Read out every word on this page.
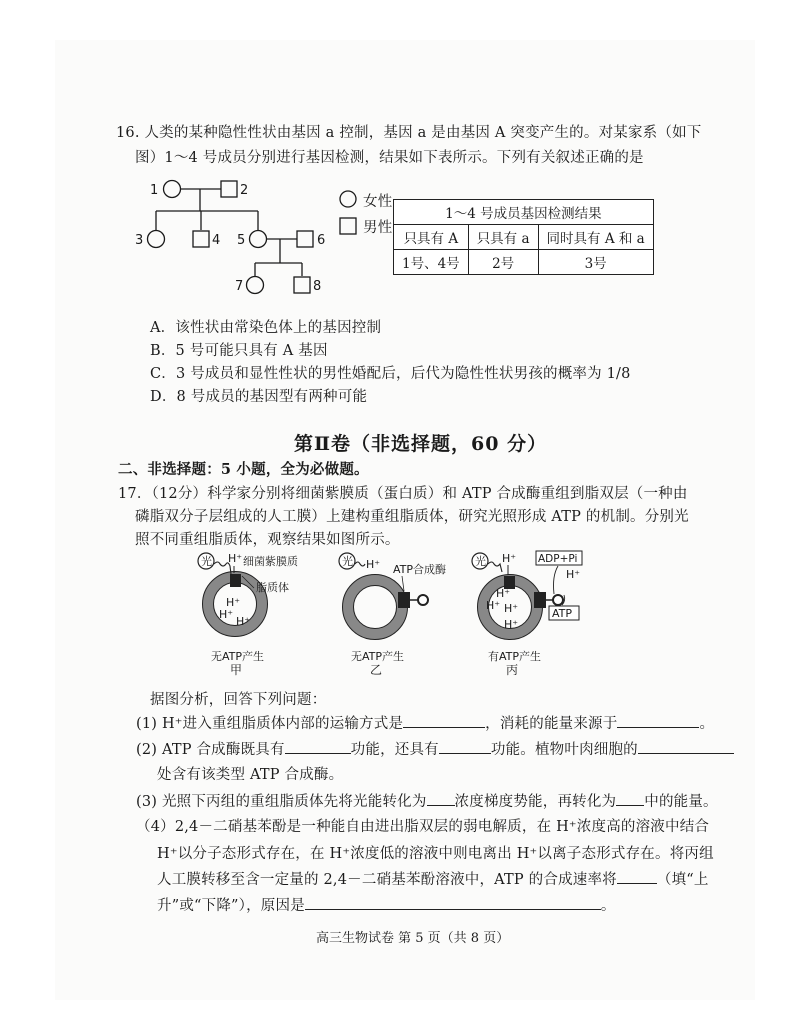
16. 人类的某种隐性性状由基因 a 控制，基因 a 是由基因 A 突变产生的。对某家系（如下
图）1～4 号成员分别进行基因检测，结果如下表所示。下列有关叙述正确的是
1	2
3	4 5	6
7	8
女性
男性
1～4 号成员基因检测结果		
只具有 A	只具有 a	同时具有 A 和 a
1号、4号	2号	3号
A．该性状由常染色体上的基因控制
B．5 号可能只具有 A 基因
C．3 号成员和显性性状的男性婚配后，后代为隐性性状男孩的概率为 1/8
D．8 号成员的基因型有两种可能
第Ⅱ卷（非选择题，60 分）
二、非选择题：5 小题，全为必做题。
17．（12分）科学家分别将细菌紫膜质（蛋白质）和 ATP 合成酶重组到脂双层（一种由
磷脂双分子层组成的人工膜）上建构重组脂质体，研究光照形成 ATP 的机制。分别光
照不同重组脂质体，观察结果如图所示。
光 H⁺ 细菌紫膜质
脂质体
H⁺
H⁺
H⁺
无ATP产生
甲
光 H⁺ ATP合成酶
无ATP产生
乙
光 H⁺ ADP+Pi
H⁺
ATP
H⁺ H⁺
H⁺
H⁺
有ATP产生
丙
据图分析，回答下列问题：
(1) H⁺进入重组脂质体内部的运输方式是	，消耗的能量来源于	。
(2) ATP 合成酶既具有	功能，还具有	功能。植物叶肉细胞的
处含有该类型 ATP 合成酶。
(3) 光照下丙组的重组脂质体先将光能转化为 浓度梯度势能，再转化为 中的能量。
（4）2,4－二硝基苯酚是一种能自由进出脂双层的弱电解质，在 H⁺浓度高的溶液中结合
H⁺以分子态形式存在，在 H⁺浓度低的溶液中则电离出 H⁺以离子态形式存在。将丙组
人工膜转移至含一定量的 2,4－二硝基苯酚溶液中，ATP 的合成速率将	（填“上
升”或“下降”），原因是	。
高三生物试卷 第 5 页（共 8 页）
